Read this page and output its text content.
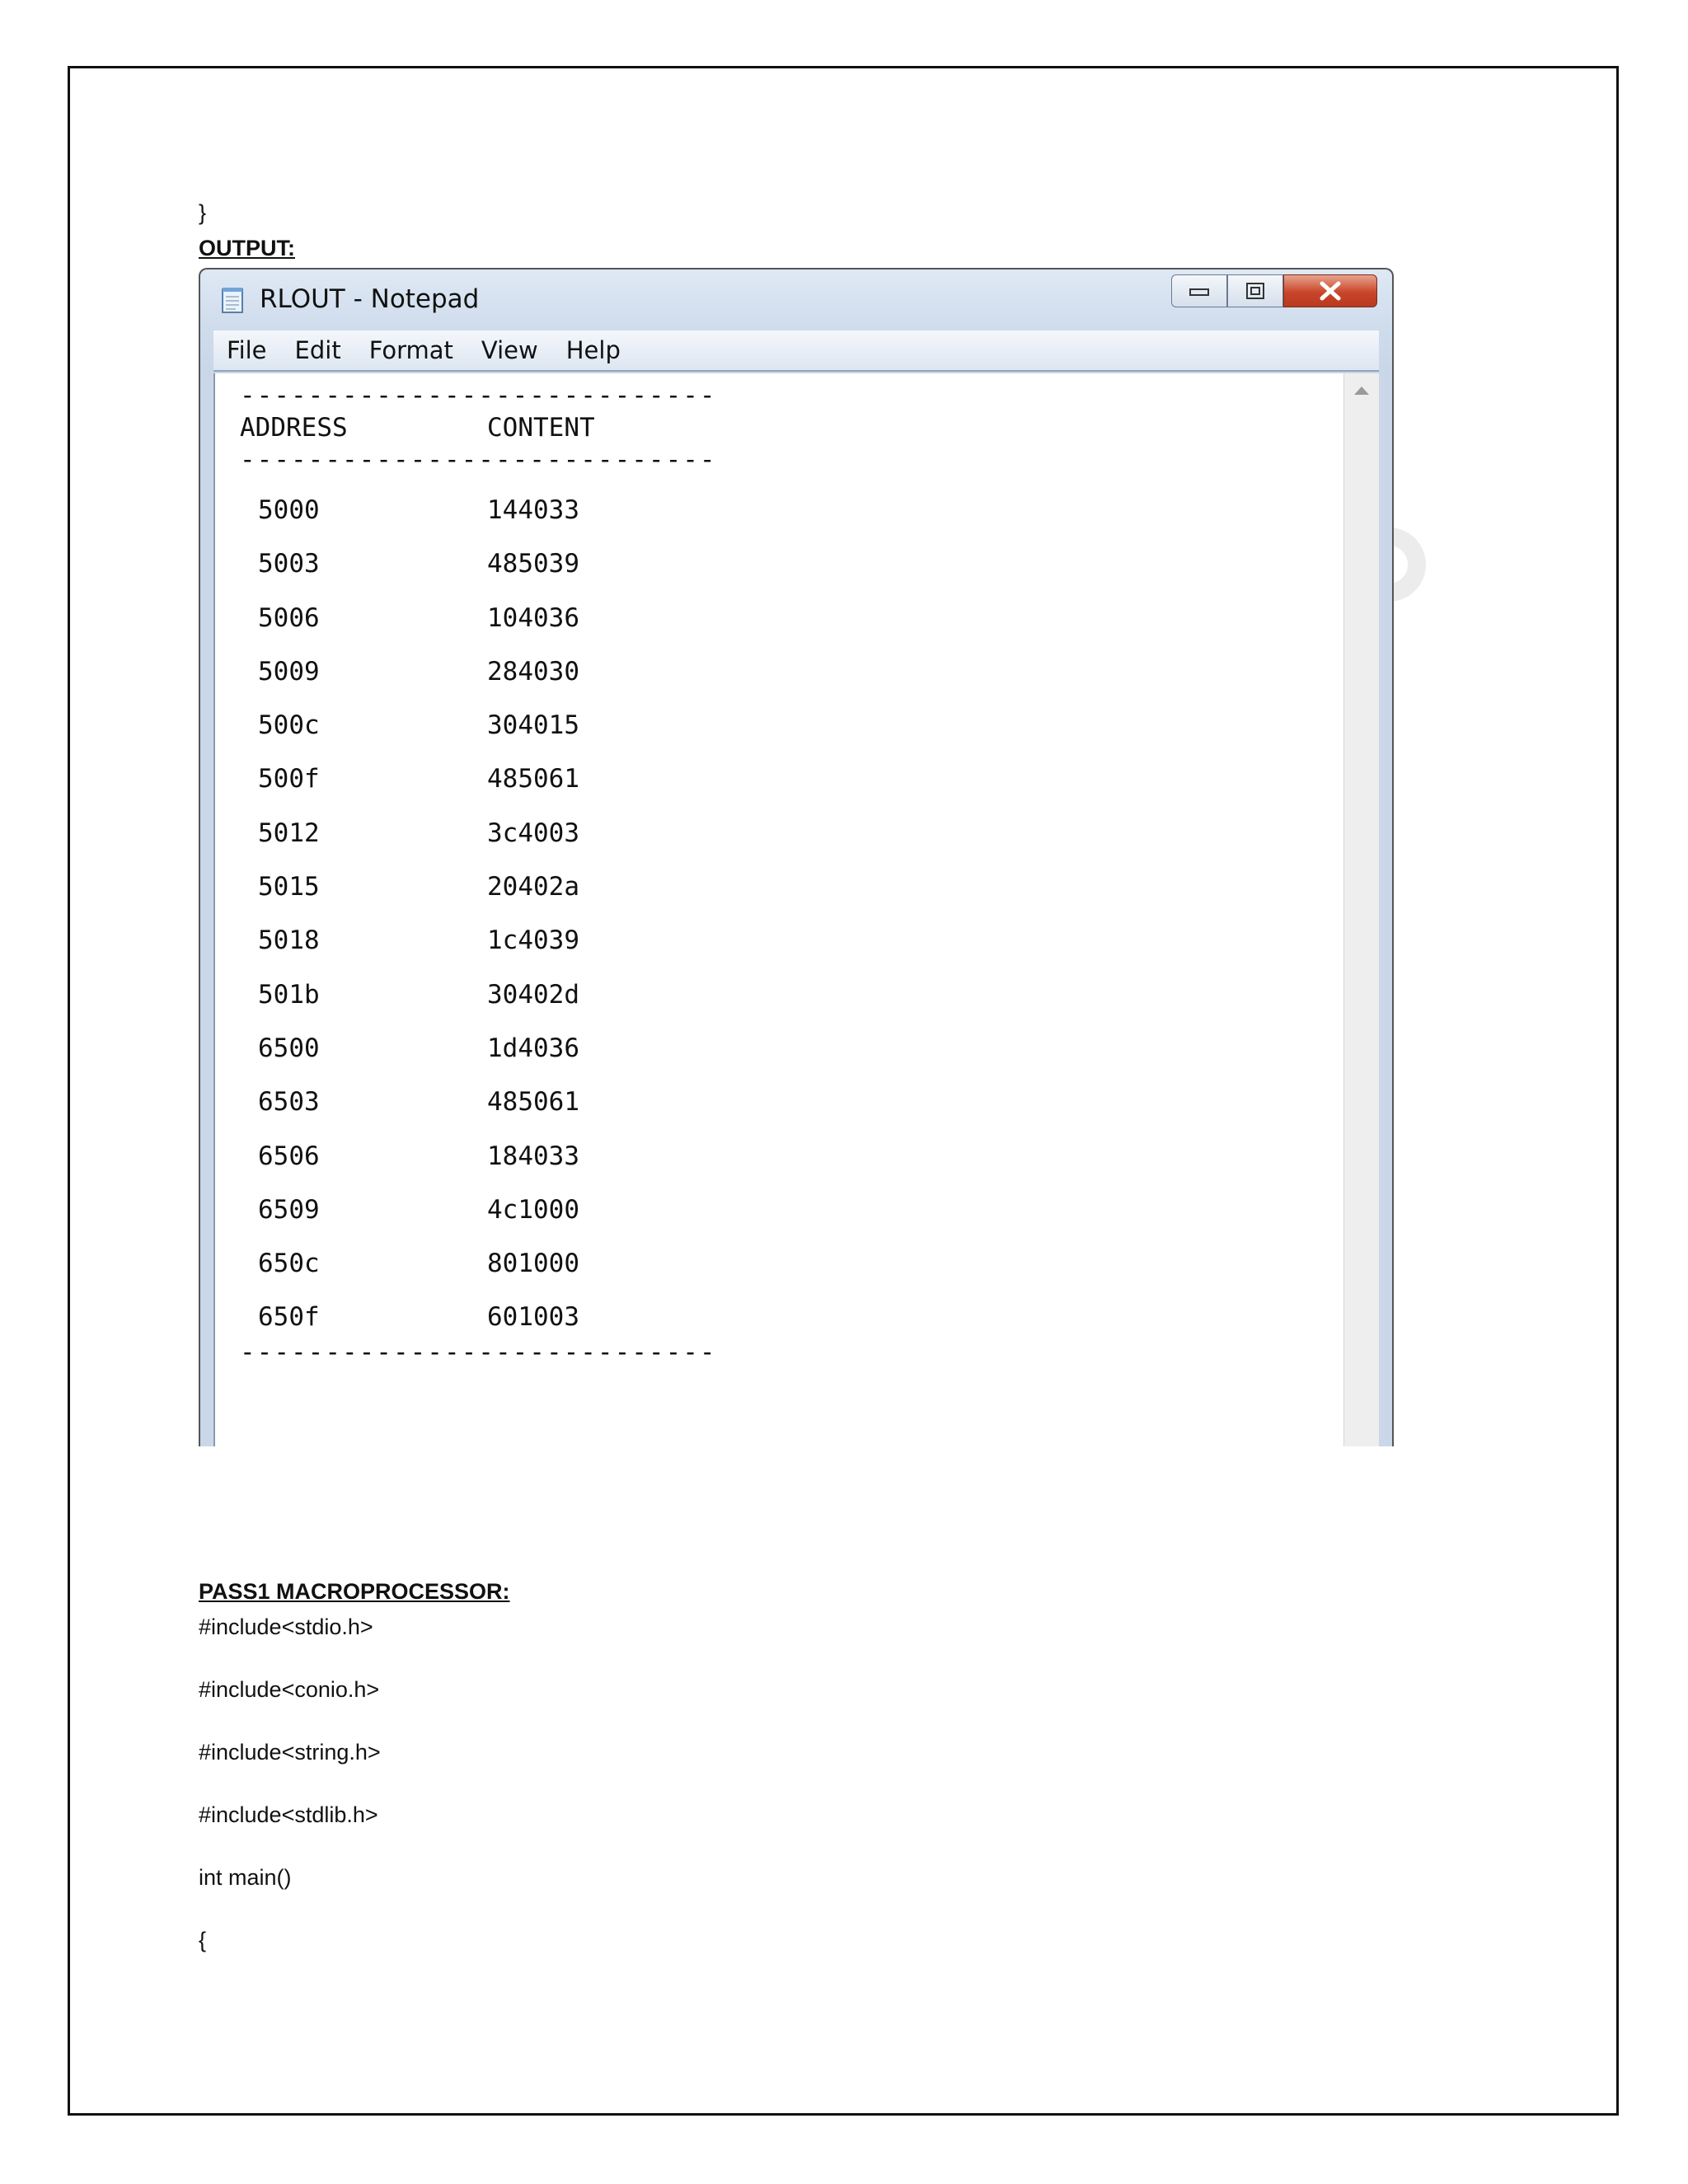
}
OUTPUT:
RLOUT - Notepad
File Edit Format View Help
----------------------------
ADDRESS	CONTENT
----------------------------
5000	144033
5003	485039
5006	104036
5009	284030
500c	304015
500f	485061
5012	3c4003
5015	20402a
5018	1c4039
501b	30402d
6500	1d4036
6503	485061
6506	184033
6509	4c1000
650c	801000
650f	601003
----------------------------
PASS1 MACROPROCESSOR:
#include<stdio.h>
#include<conio.h>
#include<string.h>
#include<stdlib.h>
int main()
{
